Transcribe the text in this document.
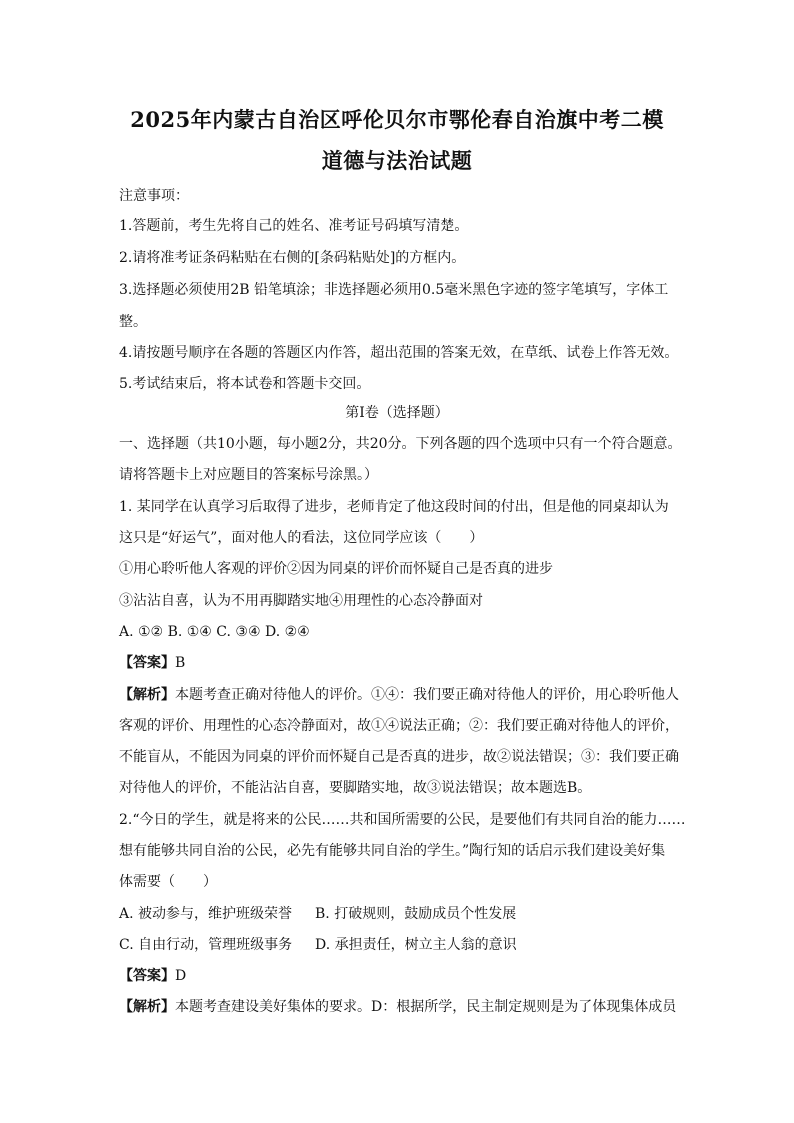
2025年内蒙古自治区呼伦贝尔市鄂伦春自治旗中考二模
道德与法治试题
注意事项：
1.答题前，考生先将自己的姓名、准考证号码填写清楚。
2.请将准考证条码粘贴在右侧的[条码粘贴处]的方框内。
3.选择题必须使用2B 铅笔填涂；非选择题必须用0.5毫米黑色字迹的签字笔填写，字体工
整。
4.请按题号顺序在各题的答题区内作答，超出范围的答案无效，在草纸、试卷上作答无效。
5.考试结束后，将本试卷和答题卡交回。
第Ⅰ卷（选择题）
一、选择题（共10小题，每小题2分，共20分。下列各题的四个选项中只有一个符合题意。
请将答题卡上对应题目的答案标号涂黑。）
1. 某同学在认真学习后取得了进步，老师肯定了他这段时间的付出，但是他的同桌却认为
这只是“好运气”，面对他人的看法，这位同学应该（　　）
①用心聆听他人客观的评价②因为同桌的评价而怀疑自己是否真的进步
③沾沾自喜，认为不用再脚踏实地④用理性的心态冷静面对
A. ①② B. ①④ C. ③④ D. ②④
【答案】B
【解析】本题考查正确对待他人的评价。①④：我们要正确对待他人的评价，用心聆听他人
客观的评价、用理性的心态冷静面对，故①④说法正确；②：我们要正确对待他人的评价，
不能盲从，不能因为同桌的评价而怀疑自己是否真的进步，故②说法错误；③：我们要正确
对待他人的评价，不能沾沾自喜，要脚踏实地，故③说法错误；故本题选B。
2.“今日的学生，就是将来的公民……共和国所需要的公民，是要他们有共同自治的能力……
想有能够共同自治的公民，必先有能够共同自治的学生。”陶行知的话启示我们建设美好集
体需要（　　）
A. 被动参与，维护班级荣誉 B. 打破规则，鼓励成员个性发展
C. 自由行动，管理班级事务 D. 承担责任，树立主人翁的意识
【答案】D
【解析】本题考查建设美好集体的要求。D：根据所学，民主制定规则是为了体现集体成员
